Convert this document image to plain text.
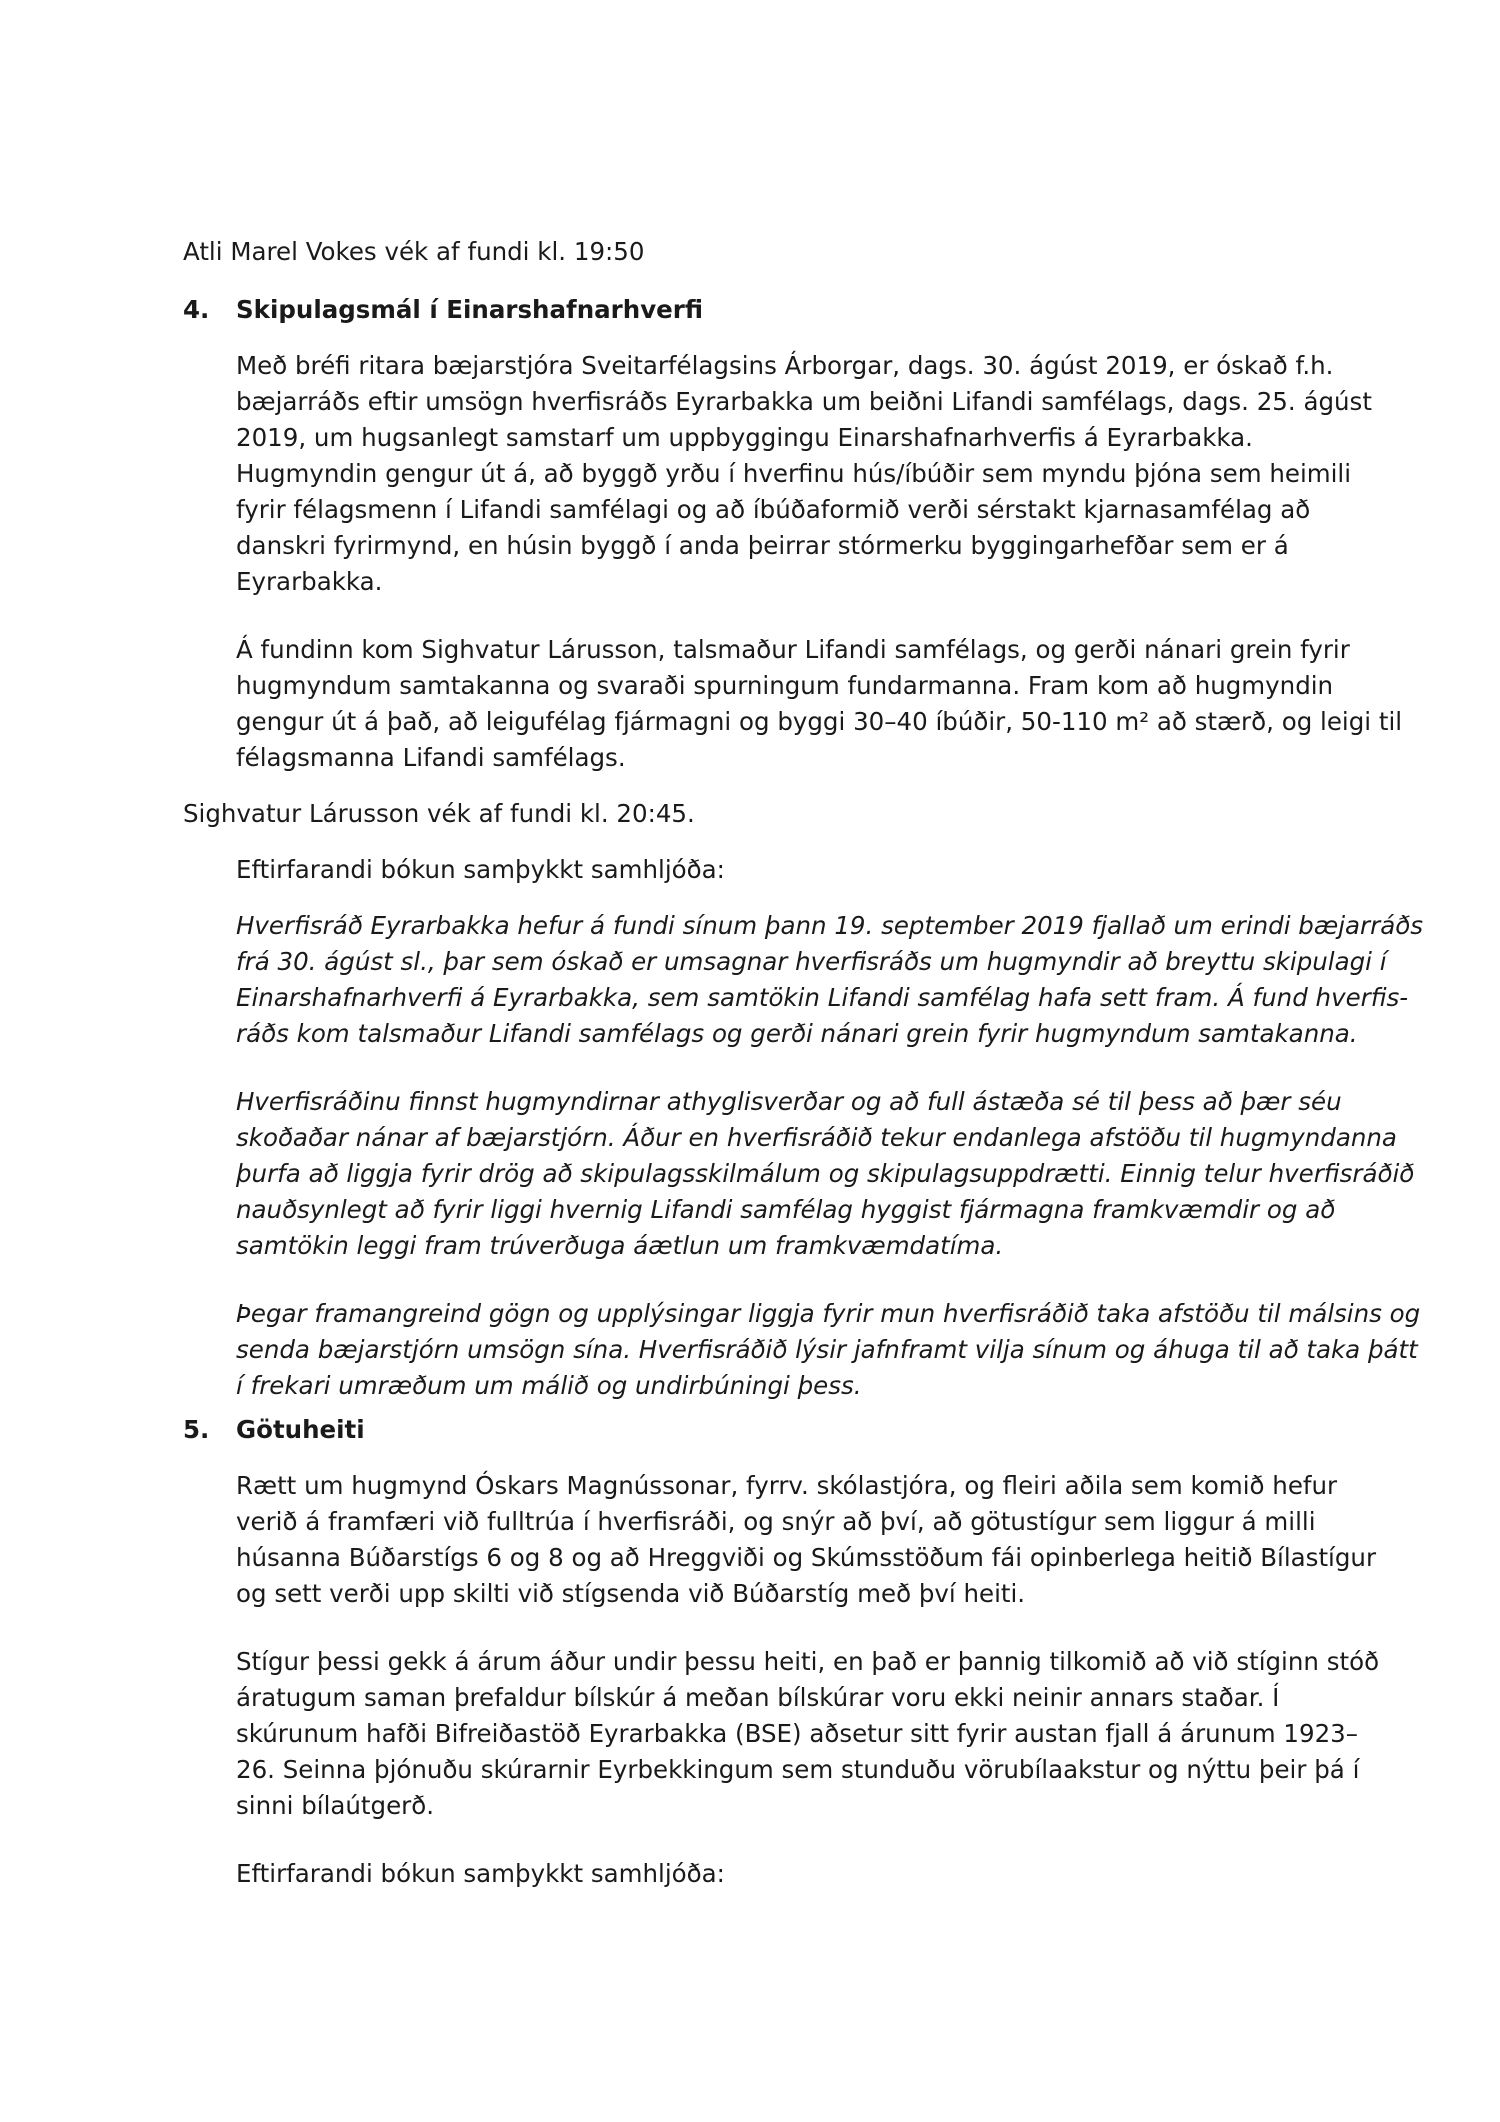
Atli Marel Vokes vék af fundi kl. 19:50

4. Skipulagsmál í Einarshafnarhverfi

Með bréfi ritara bæjarstjóra Sveitarfélagsins Árborgar, dags. 30. ágúst 2019, er óskað f.h.
bæjarráðs eftir umsögn hverfisráðs Eyrarbakka um beiðni Lifandi samfélags, dags. 25. ágúst
2019, um hugsanlegt samstarf um uppbyggingu Einarshafnarhverfis á Eyrarbakka.
Hugmyndin gengur út á, að byggð yrðu í hverfinu hús/íbúðir sem myndu þjóna sem heimili
fyrir félagsmenn í Lifandi samfélagi og að íbúðaformið verði sérstakt kjarnasamfélag að
danskri fyrirmynd, en húsin byggð í anda þeirrar stórmerku byggingarhefðar sem er á
Eyrarbakka.

Á fundinn kom Sighvatur Lárusson, talsmaður Lifandi samfélags, og gerði nánari grein fyrir
hugmyndum samtakanna og svaraði spurningum fundarmanna. Fram kom að hugmyndin
gengur út á það, að leigufélag fjármagni og byggi 30–40 íbúðir, 50-110 m² að stærð, og leigi til
félagsmanna Lifandi samfélags.

Sighvatur Lárusson vék af fundi kl. 20:45.

Eftirfarandi bókun samþykkt samhljóða:

Hverfisráð Eyrarbakka hefur á fundi sínum þann 19. september 2019 fjallað um erindi bæjarráðs
frá 30. ágúst sl., þar sem óskað er umsagnar hverfisráðs um hugmyndir að breyttu skipulagi í
Einarshafnarhverfi á Eyrarbakka, sem samtökin Lifandi samfélag hafa sett fram. Á fund hverfis-
ráðs kom talsmaður Lifandi samfélags og gerði nánari grein fyrir hugmyndum samtakanna.

Hverfisráðinu finnst hugmyndirnar athyglisverðar og að full ástæða sé til þess að þær séu
skoðaðar nánar af bæjarstjórn. Áður en hverfisráðið tekur endanlega afstöðu til hugmyndanna
þurfa að liggja fyrir drög að skipulagsskilmálum og skipulagsuppdrætti. Einnig telur hverfisráðið
nauðsynlegt að fyrir liggi hvernig Lifandi samfélag hyggist fjármagna framkvæmdir og að
samtökin leggi fram trúverðuga áætlun um framkvæmdatíma.

Þegar framangreind gögn og upplýsingar liggja fyrir mun hverfisráðið taka afstöðu til málsins og
senda bæjarstjórn umsögn sína. Hverfisráðið lýsir jafnframt vilja sínum og áhuga til að taka þátt
í frekari umræðum um málið og undirbúningi þess.

5. Götuheiti

Rætt um hugmynd Óskars Magnússonar, fyrrv. skólastjóra, og fleiri aðila sem komið hefur
verið á framfæri við fulltrúa í hverfisráði, og snýr að því, að götustígur sem liggur á milli
húsanna Búðarstígs 6 og 8 og að Hreggviði og Skúmsstöðum fái opinberlega heitið Bílastígur
og sett verði upp skilti við stígsenda við Búðarstíg með því heiti.

Stígur þessi gekk á árum áður undir þessu heiti, en það er þannig tilkomið að við stíginn stóð
áratugum saman þrefaldur bílskúr á meðan bílskúrar voru ekki neinir annars staðar. Í
skúrunum hafði Bifreiðastöð Eyrarbakka (BSE) aðsetur sitt fyrir austan fjall á árunum 1923–
26. Seinna þjónuðu skúrarnir Eyrbekkingum sem stunduðu vörubílaakstur og nýttu þeir þá í
sinni bílaútgerð.

Eftirfarandi bókun samþykkt samhljóða:
